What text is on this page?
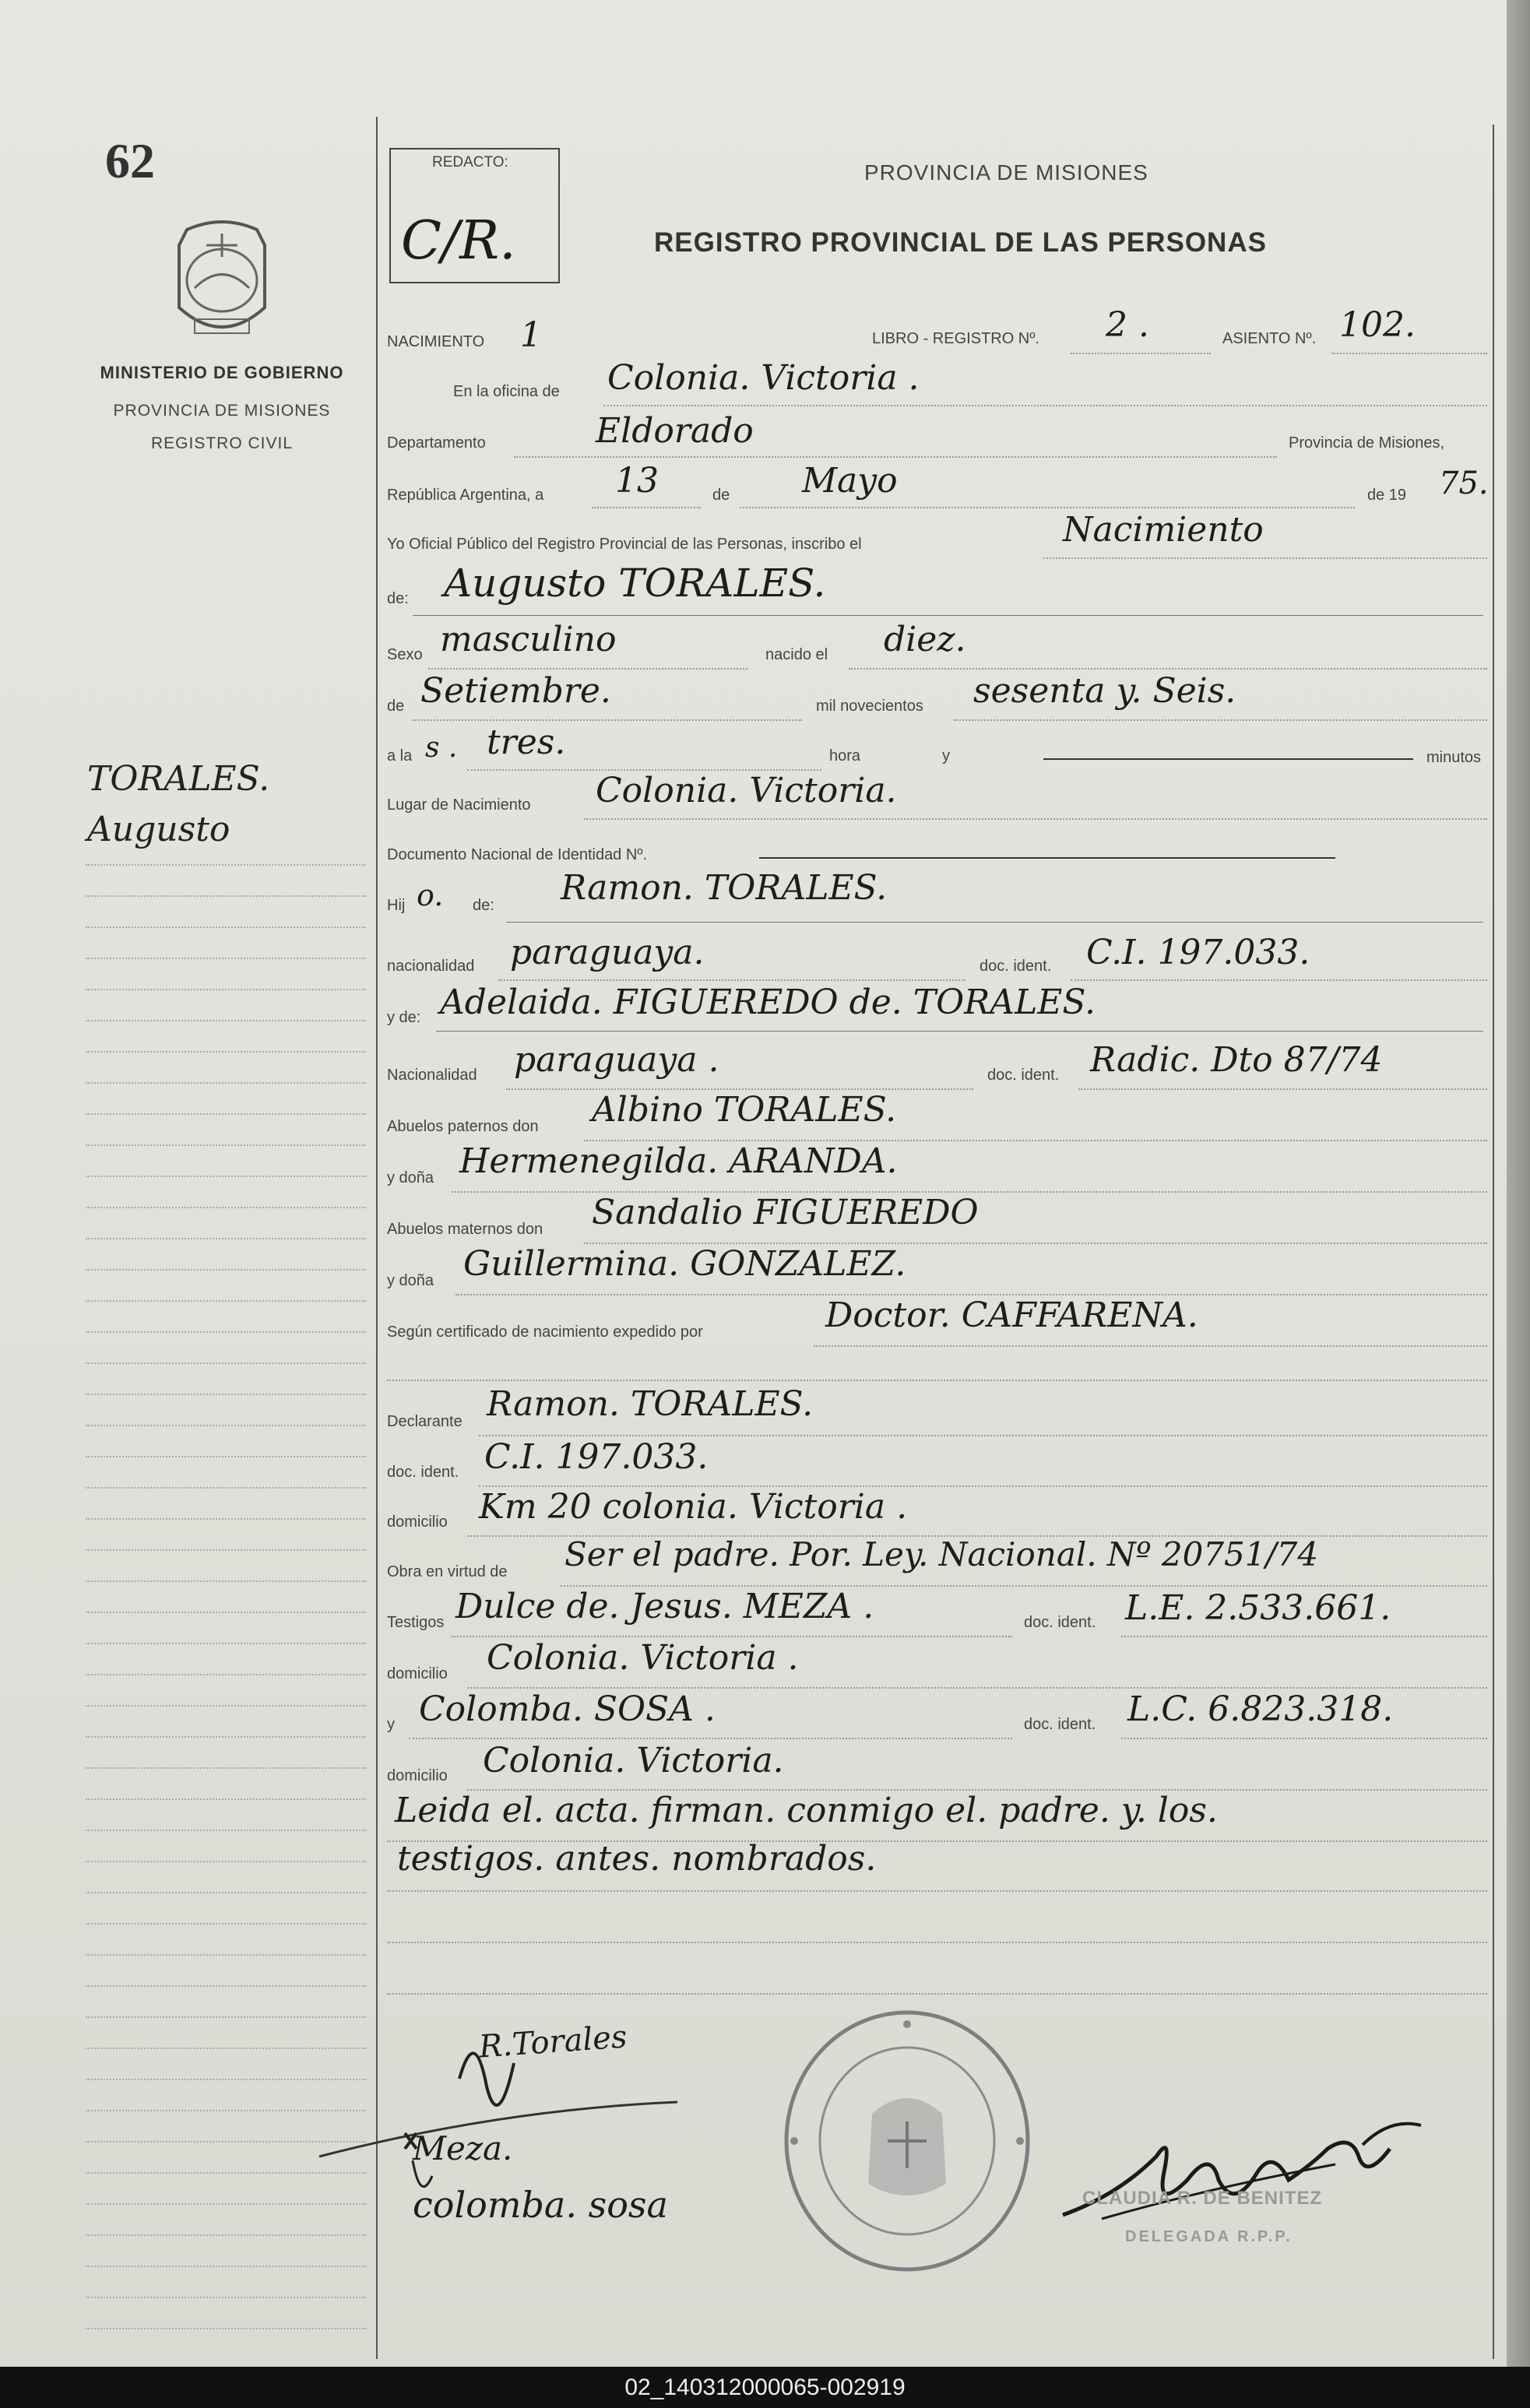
62
MINISTERIO DE GOBIERNO
PROVINCIA DE MISIONES
REGISTRO CIVIL
TORALES.
Augusto
REDACTO:
C/R.
PROVINCIA DE MISIONES
REGISTRO PROVINCIAL DE LAS PERSONAS
NACIMIENTO 1	LIBRO - REGISTRO Nº. 2 .	ASIENTO Nº. 102.
En la oficina de Colonia. Victoria .
Departamento	Eldorado	Provincia de Misiones,
República Argentina, a 13	de Mayo	de 19 75.
Yo Oficial Público del Registro Provincial de las Personas, inscribo el	Nacimiento
de: Augusto TORALES.
Sexo masculino	nacido el diez.
de Setiembre.	mil novecientos sesenta y. Seis.
a la s . tres.	hora	y	minutos
Lugar de Nacimiento Colonia. Victoria.
Documento Nacional de Identidad Nº.
Hij o. de: Ramon. TORALES.
nacionalidad paraguaya.	doc. ident. C.I. 197.033.
y de: Adelaida. FIGUEREDO de. TORALES.
Nacionalidad paraguaya .	doc. ident. Radic. Dto 87/74
Abuelos paternos don Albino TORALES.
y doña Hermenegilda. ARANDA.
Abuelos maternos don Sandalio FIGUEREDO
y doña Guillermina. GONZALEZ.
Según certificado de nacimiento expedido por	Doctor. CAFFARENA.
Declarante Ramon. TORALES.
doc. ident. C.I. 197.033.
domicilio Km 20 colonia. Victoria .
Obra en virtud de Ser el padre. Por. Ley. Nacional. Nº 20751/74
Testigos Dulce de. Jesus. MEZA .	doc. ident. L.E. 2.533.661.
domicilio Colonia. Victoria .
y Colomba. SOSA .	doc. ident. L.C. 6.823.318.
domicilio Colonia. Victoria.
Leida el. acta. firman. conmigo el. padre. y. los.
testigos. antes. nombrados.
R.Torales
Meza.
colomba. sosa	CLAUDIA R. DE BENITEZ
DELEGADA R.P.P.
02_140312000065-002919
